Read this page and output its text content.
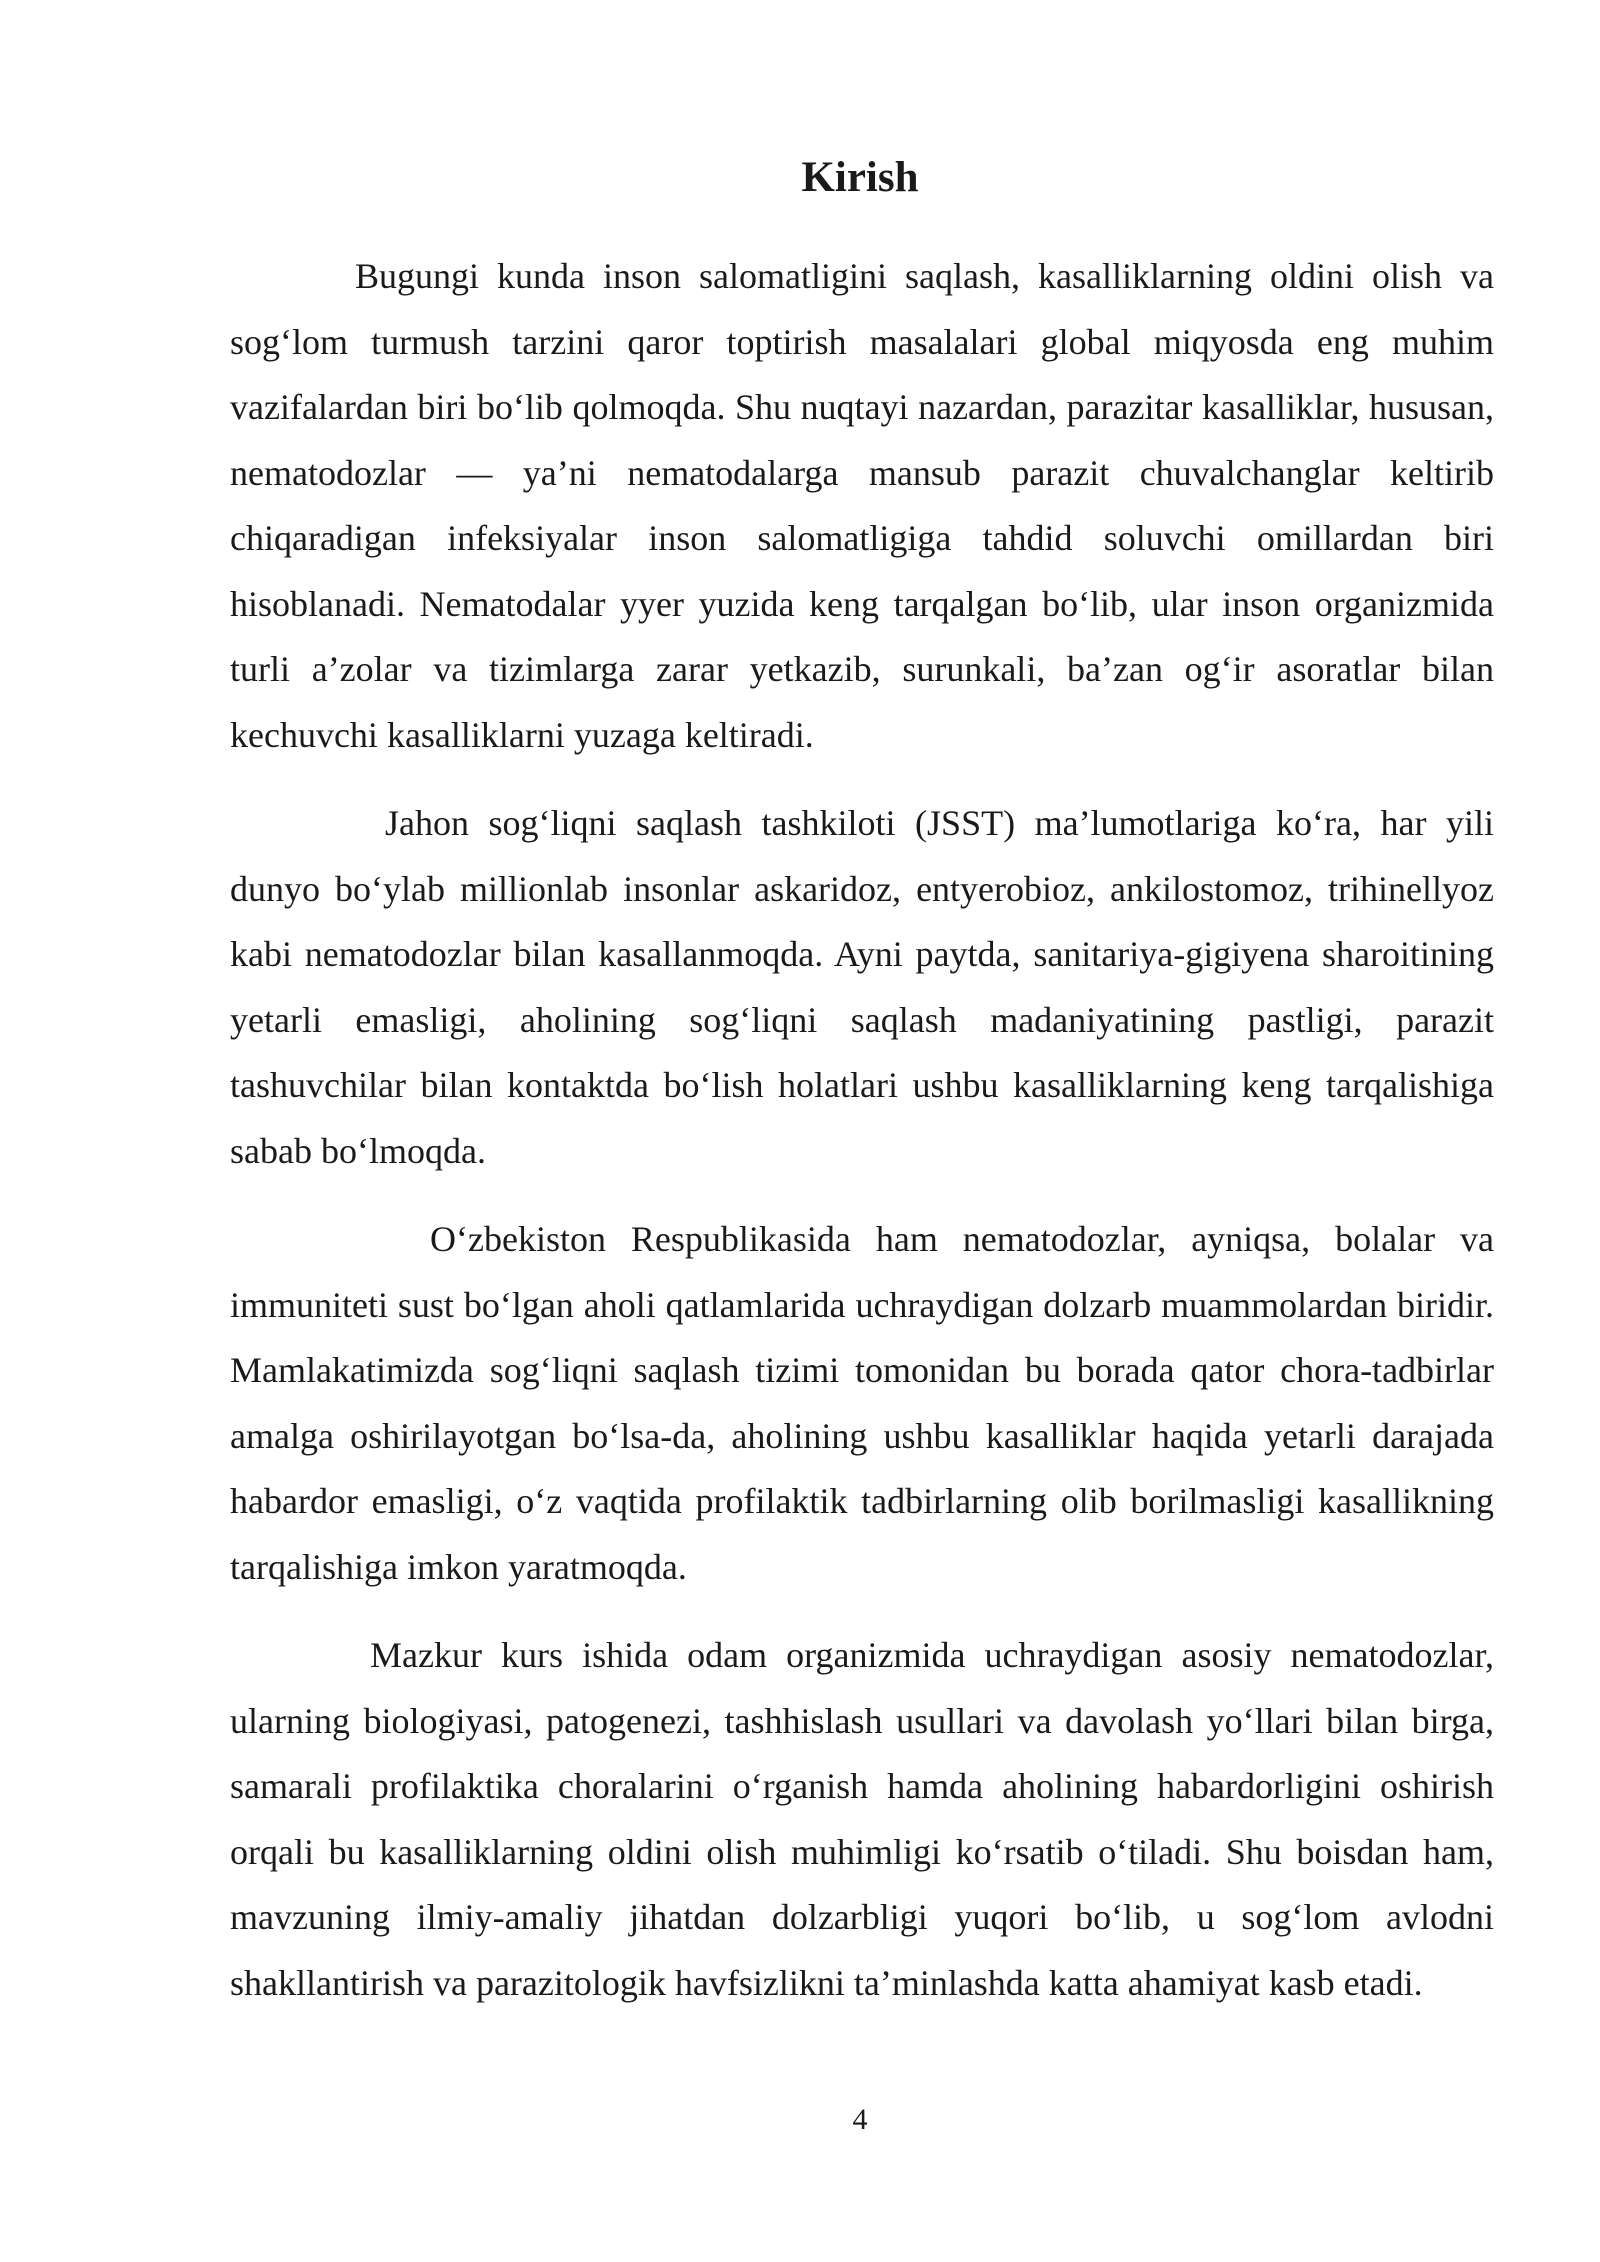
Kirish

Bugungi kunda inson salomatligini saqlash, kasalliklarning oldini olish va sog‘lom turmush tarzini qaror toptirish masalalari global miqyosda eng muhim vazifalardan biri bo‘lib qolmoqda. Shu nuqtayi nazardan, parazitar kasalliklar, hususan, nematodozlar — ya’ni nematodalarga mansub parazit chuvalchanglar keltirib chiqaradigan infeksiyalar inson salomatligiga tahdid soluvchi omillardan biri hisoblanadi. Nematodalar yyer yuzida keng tarqalgan bo‘lib, ular inson organizmida turli a’zolar va tizimlarga zarar yetkazib, surunkali, ba’zan og‘ir asoratlar bilan kechuvchi kasalliklarni yuzaga keltiradi.

Jahon sog‘liqni saqlash tashkiloti (JSST) ma’lumotlariga ko‘ra, har yili dunyo bo‘ylab millionlab insonlar askaridoz, entyerobioz, ankilostomoz, trihinellyoz kabi nematodozlar bilan kasallanmoqda. Ayni paytda, sanitariya-gigiyena sharoitining yetarli emasligi, aholining sog‘liqni saqlash madaniyatining pastligi, parazit tashuvchilar bilan kontaktda bo‘lish holatlari ushbu kasalliklarning keng tarqalishiga sabab bo‘lmoqda.

O‘zbekiston Respublikasida ham nematodozlar, ayniqsa, bolalar va immuniteti sust bo‘lgan aholi qatlamlarida uchraydigan dolzarb muammolardan biridir. Mamlakatimizda sog‘liqni saqlash tizimi tomonidan bu borada qator chora-tadbirlar amalga oshirilayotgan bo‘lsa-da, aholining ushbu kasalliklar haqida yetarli darajada habardor emasligi, o‘z vaqtida profilaktik tadbirlarning olib borilmasligi kasallikning tarqalishiga imkon yaratmoqda.

Mazkur kurs ishida odam organizmida uchraydigan asosiy nematodozlar, ularning biologiyasi, patogenezi, tashhislash usullari va davolash yo‘llari bilan birga, samarali profilaktika choralarini o‘rganish hamda aholining habardorligini oshirish orqali bu kasalliklarning oldini olish muhimligi ko‘rsatib o‘tiladi. Shu boisdan ham, mavzuning ilmiy-amaliy jihatdan dolzarbligi yuqori bo‘lib, u sog‘lom avlodni shakllantirish va parazitologik havfsizlikni ta’minlashda katta ahamiyat kasb etadi.

4
